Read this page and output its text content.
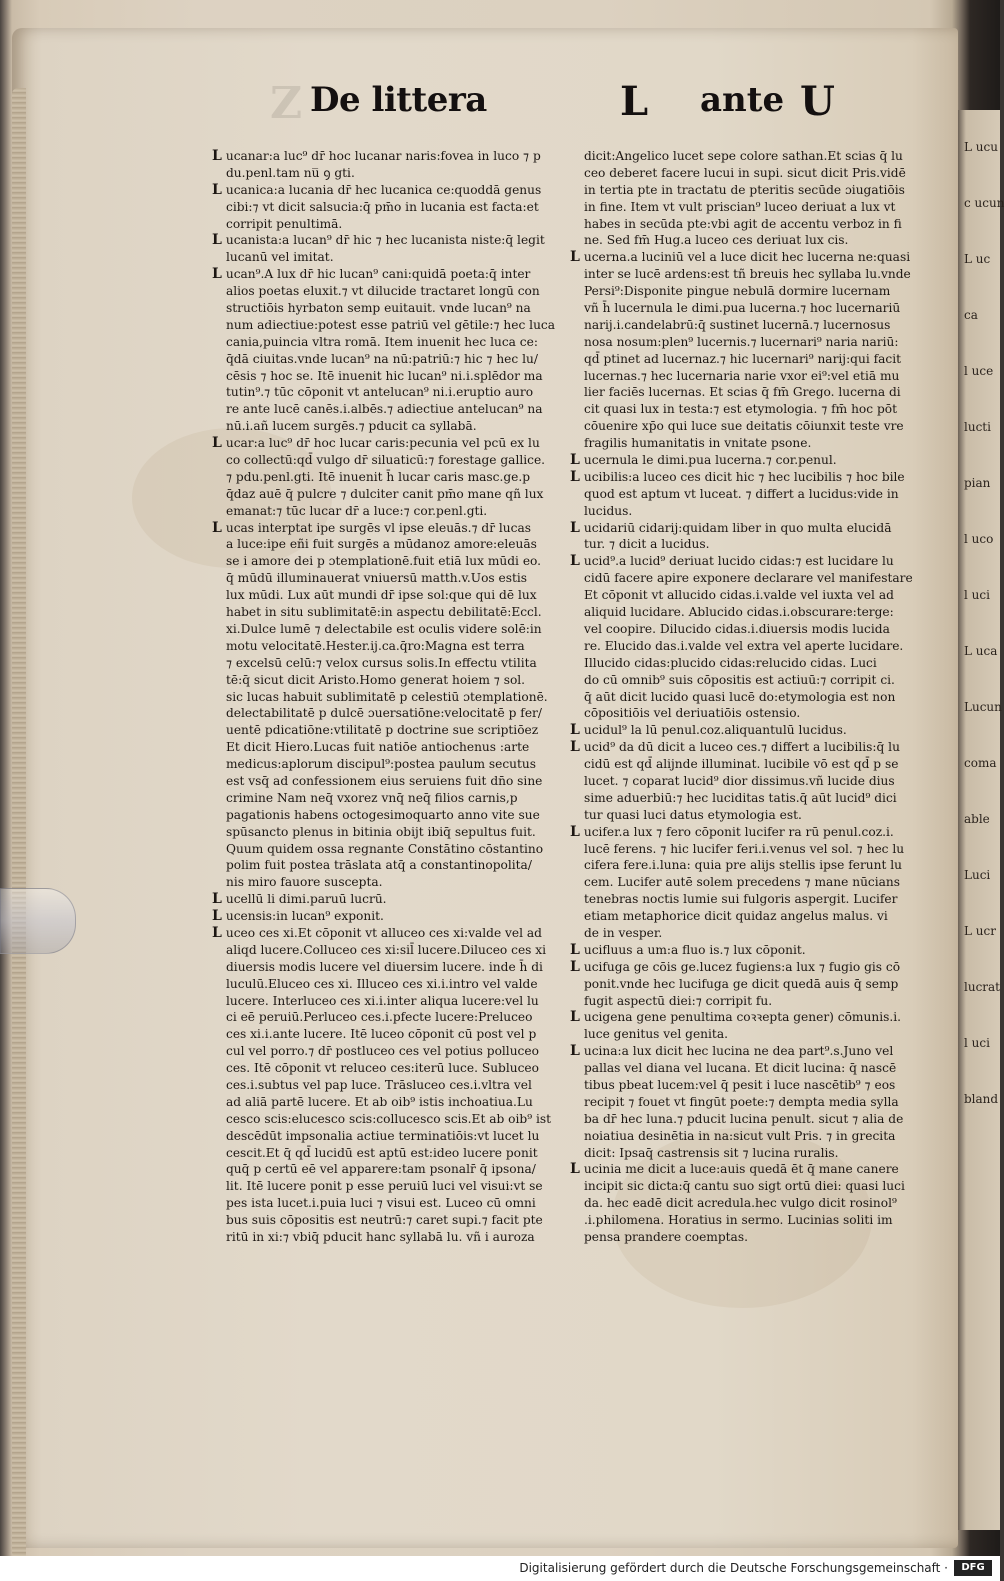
Z De littera	L ante U
L ucanar:a luc⁹ dr̄ hoc lucanar naris:fovea in luco ⁊ p
du.penl.tam nu̅ ꝯ gti.
L ucanica:a lucania dr̄ hec lucanica ce:quoddā genus
cibi:⁊ vt dicit salsucia:q̄ pm̄o in lucania est facta:et
corripit penultimā.
L ucanista:a lucan⁹ dr̄ hic ⁊ hec lucanista niste:q̄ legit
lucanū vel imitat.
L ucan⁹.A lux dr̄ hic lucan⁹ cani:quidā poeta:q̄ inter
alios poetas eluxit.⁊ vt dilucide tractaret longū con
structiōis hyrbaton semp euitauit. vnde lucan⁹ na
num adiectiue:potest esse patriū vel gētile:⁊ hec luca
cania,puincia vltra romā. Item inuenit hec luca ce:
q̄dā ciuitas.vnde lucan⁹ na nū:patriū:⁊ hic ⁊ hec lu/
cēsis ⁊ hoc se. Itē inuenit hic lucan⁹ ni.i.splēdor ma
tutin⁹.⁊ tūc cōponit vt antelucan⁹ ni.i.eruptio auro
re ante lucē canēs.i.albēs.⁊ adiectiue antelucan⁹ na
nū.i.añ lucem surgēs.⁊ pducit ca syllabā.
L ucar:a luc⁹ dr̄ hoc lucar caris:pecunia vel pcū ex lu
co collectū:qd̄ vulgo dr̄ siluaticū:⁊ forestage gallice.
⁊ pdu.penl.gti. Itē inuenit h̄ lucar caris masc.ge.p
q̄daz auē q̄ pulcre ⁊ dulciter canit pm̄o mane qñ lux
emanat:⁊ tūc lucar dr̄ a luce:⁊ cor.penl.gti.
L ucas interptat ipe surgēs vl ipse eleuās.⁊ dr̄ lucas
a luce:ipe eñi fuit surgēs a mūdanoz amore:eleuās
se i amore dei p ɔtemplationē.fuit etiā lux mūdi eo.
q̄ mūdū illuminauerat vniuersū matth.v.Uos estis
lux mūdi. Lux aūt mundi dr̄ ipse sol:que qui dē lux
habet in situ sublimitatē:in aspectu debilitatē:Eccl.
xi.Dulce lumē ⁊ delectabile est oculis videre solē:in
motu velocitatē.Hester.ij.ca.q̄ro:Magna est terra
⁊ excelsū celū:⁊ velox cursus solis.In effectu vtilita
tē:q̄ sicut dicit Aristo.Homo generat hoiem ⁊ sol.
sic lucas habuit sublimitatē p celestiū ɔtemplationē.
delectabilitatē p dulcē ɔuersatiōne:velocitatē p fer/
uentē pdicatiōne:vtilitatē p doctrine sue scriptiōez
Et dicit Hiero.Lucas fuit natiōe antiochenus :arte
medicus:aplorum discipul⁹:postea paulum secutus
est vsq̄ ad confessionem eius seruiens fuit dn̄o sine
crimine Nam neq̄ vxorez vnq̄ neq̄ filios carnis,p
pagationis habens octogesimoquarto anno vite sue
spūsancto plenus in bitinia obijt ibiq̄ sepultus fuit.
Quum quidem ossa regnante Constātino cōstantino
polim fuit postea trāslata atq̄ a constantinopolita/
nis miro fauore suscepta.
L ucellū li dimi.paruū lucrū.
L ucensis:in lucan⁹ exponit.
L uceo ces xi.Et cōponit vt alluceo ces xi:valde vel ad
aliqd lucere.Colluceo ces xi:sil̄ lucere.Diluceo ces xi
diuersis modis lucere vel diuersim lucere. inde h̄ di
luculū.Eluceo ces xi. Illuceo ces xi.i.intro vel valde
lucere. Interluceo ces xi.i.inter aliqua lucere:vel lu
ci eē peruiū.Perluceo ces.i.pfecte lucere:Preluceo
ces xi.i.ante lucere. Itē luceo cōponit cū post vel p
cul vel porro.⁊ dr̄ postluceo ces vel potius polluceo
ces. Itē cōponit vt reluceo ces:iterū luce. Subluceo
ces.i.subtus vel pap luce. Trāsluceo ces.i.vltra vel
ad aliā partē lucere. Et ab oib⁹ istis inchoatiua.Lu
cesco scis:elucesco scis:collucesco scis.Et ab oib⁹ ist
descēdūt impsonalia actiue terminatiōis:vt lucet lu
cescit.Et q̄ qd̄ lucidū est aptū est:ideo lucere ponit
quq̄ p certū eē vel apparere:tam psonalr̄ q̄ ipsona/
lit. Itē lucere ponit p esse peruiū luci vel visui:vt se
pes ista lucet.i.puia luci ⁊ visui est. Luceo cū omni
bus suis cōpositis est neutrū:⁊ caret supi.⁊ facit pte
ritū in xi:⁊ vbiq̄ pducit hanc syllabā lu. vñ i auroza
dicit:Angelico lucet sepe colore sathan.Et scias q̄ lu
ceo deberet facere lucui in supi. sicut dicit Pris.vidē
in tertia pte in tractatu de pteritis secūde ɔiugatiōis
in fine. Item vt vult priscian⁹ luceo deriuat a lux vt
habes in secūda pte:vbi agit de accentu verboz in fi
ne. Sed fm̄ Hug.a luceo ces deriuat lux cis.
L ucerna.a luciniū vel a luce dicit hec lucerna ne:quasi
inter se lucē ardens:est tñ breuis hec syllaba lu.vnde
Persi⁹:Disponite pingue nebulā dormire lucernam
vñ h̄ lucernula le dimi.pua lucerna.⁊ hoc lucernariū
narij.i.candelabrū:q̄ sustinet lucernā.⁊ lucernosus
nosa nosum:plen⁹ lucernis.⁊ lucernari⁹ naria nariū:
qd̄ ptinet ad lucernaz.⁊ hic lucernari⁹ narij:qui facit
lucernas.⁊ hec lucernaria narie vxor ei⁹:vel etiā mu
lier faciēs lucernas. Et scias q̄ fm̄ Grego. lucerna di
cit quasi lux in testa:⁊ est etymologia. ⁊ fm̄ hoc pōt
cōuenire xp̄o qui luce sue deitatis cōiunxit teste vre
fragilis humanitatis in vnitate psone.
L ucernula le dimi.pua lucerna.⁊ cor.penul.
L ucibilis:a luceo ces dicit hic ⁊ hec lucibilis ⁊ hoc bile
quod est aptum vt luceat. ⁊ differt a lucidus:vide in
lucidus.
L ucidariū cidarij:quidam liber in quo multa elucidā
tur. ⁊ dicit a lucidus.
L ucid⁹.a lucid⁹ deriuat lucido cidas:⁊ est lucidare lu
cidū facere apire exponere declarare vel manifestare
Et cōponit vt allucido cidas.i.valde vel iuxta vel ad
aliquid lucidare. Ablucido cidas.i.obscurare:terge:
vel coopire. Dilucido cidas.i.diuersis modis lucida
re. Elucido das.i.valde vel extra vel aperte lucidare.
Illucido cidas:plucido cidas:relucido cidas. Luci
do cū omnib⁹ suis cōpositis est actiuū:⁊ corripit ci.
q̄ aūt dicit lucido quasi lucē do:etymologia est non
cōpositiōis vel deriuatiōis ostensio.
L ucidul⁹ la lū penul.coz.aliquantulū lucidus.
L ucid⁹ da dū dicit a luceo ces.⁊ differt a lucibilis:q̄ lu
cidū est qd̄ alijnde illuminat. lucibile vō est qd̄ p se
lucet. ⁊ coparat lucid⁹ dior dissimus.vñ lucide dius
sime aduerbiū:⁊ hec luciditas tatis.q̄ aūt lucid⁹ dici
tur quasi luci datus etymologia est.
L ucifer.a lux ⁊ fero cōponit lucifer ra rū penul.coz.i.
lucē ferens. ⁊ hic lucifer feri.i.venus vel sol. ⁊ hec lu
cifera fere.i.luna: quia pre alijs stellis ipse ferunt lu
cem. Lucifer autē solem precedens ⁊ mane nūcians
tenebras noctis lumie sui fulgoris aspergit. Lucifer
etiam metaphorice dicit quidaz angelus malus. vi
de in vesper.
L ucifluus a um:a fluo is.⁊ lux cōponit.
L ucifuga ge cōis ge.lucez fugiens:a lux ⁊ fugio gis cō
ponit.vnde hec lucifuga ge dicit quedā auis q̄ semp
fugit aspectū diei:⁊ corripit fu.
L ucigena gene penultima coꝛꝛepta gener) cōmunis.i.
luce genitus vel genita.
L ucina:a lux dicit hec lucina ne dea part⁹.s.Juno vel
pallas vel diana vel lucana. Et dicit lucina: q̄ nascē
tibus pbeat lucem:vel q̄ pesit i luce nascētib⁹ ⁊ eos
recipit ⁊ fouet vt fingūt poete:⁊ dempta media sylla
ba dr̄ hec luna.⁊ pducit lucina penult. sicut ⁊ alia de
noiatiua desinētia in na:sicut vult Pris. ⁊ in grecita
dicit: Ipsaq̄ castrensis sit ⁊ lucina ruralis.
L ucinia me dicit a luce:auis quedā ēt q̄ mane canere
incipit sic dicta:q̄ cantu suo sigt ortū diei: quasi luci
da. hec eadē dicit acredula.hec vulgo dicit rosinol⁹
.i.philomena. Horatius in sermo. Lucinias soliti im
pensa prandere coemptas.
L ucu
c ucun
L uc
ca
l uce
lucti
pian
l uco
l uci
L uca
Lucun
coma
able
Luci
L ucr
lucrat
l uci
bland
Digitalisierung gefördert durch die Deutsche Forschungsgemeinschaft ·	DFG
